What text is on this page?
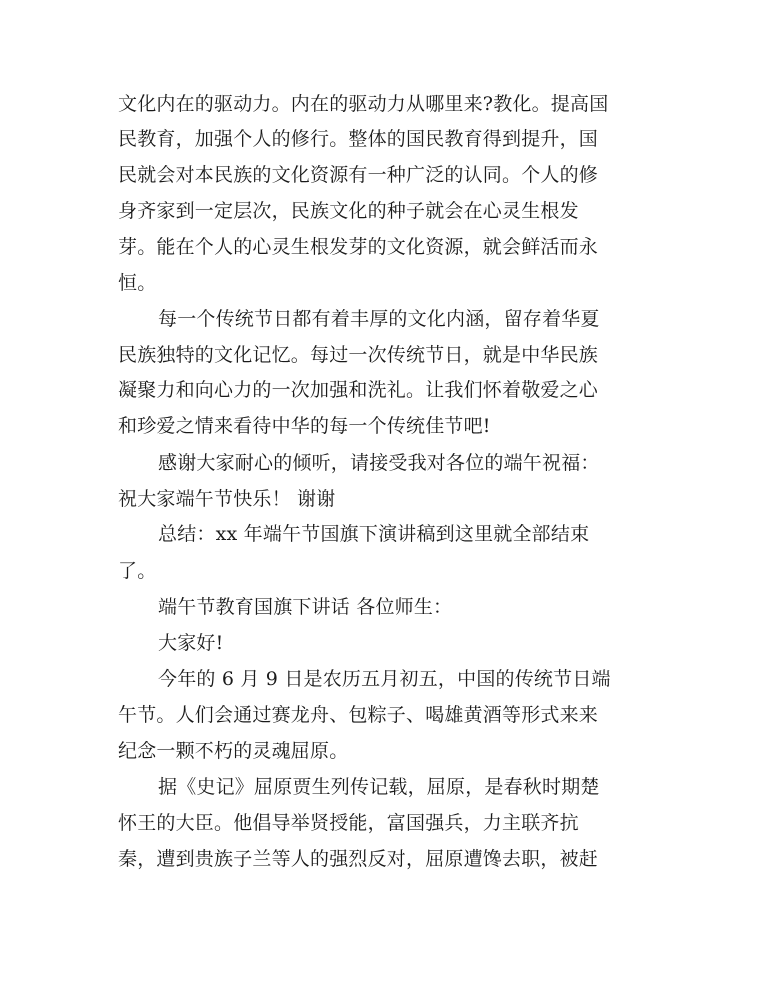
文化内在的驱动力。内在的驱动力从哪里来?教化。提高国
民教育，加强个人的修行。整体的国民教育得到提升，国
民就会对本民族的文化资源有一种广泛的认同。个人的修
身齐家到一定层次，民族文化的种子就会在心灵生根发
芽。能在个人的心灵生根发芽的文化资源，就会鲜活而永
恒。
每一个传统节日都有着丰厚的文化内涵，留存着华夏
民族独特的文化记忆。每过一次传统节日，就是中华民族
凝聚力和向心力的一次加强和洗礼。让我们怀着敬爱之心
和珍爱之情来看待中华的每一个传统佳节吧!
感谢大家耐心的倾听，请接受我对各位的端午祝福：
祝大家端午节快乐！ 谢谢
总结：xx 年端午节国旗下演讲稿到这里就全部结束
了。
端午节教育国旗下讲话 各位师生：
大家好!
今年的 6 月 9 日是农历五月初五，中国的传统节日端
午节。人们会通过赛龙舟、包粽子、喝雄黄酒等形式来来
纪念一颗不朽的灵魂屈原。
据《史记》屈原贾生列传记载，屈原，是春秋时期楚
怀王的大臣。他倡导举贤授能，富国强兵，力主联齐抗
秦，遭到贵族子兰等人的强烈反对，屈原遭馋去职，被赶
